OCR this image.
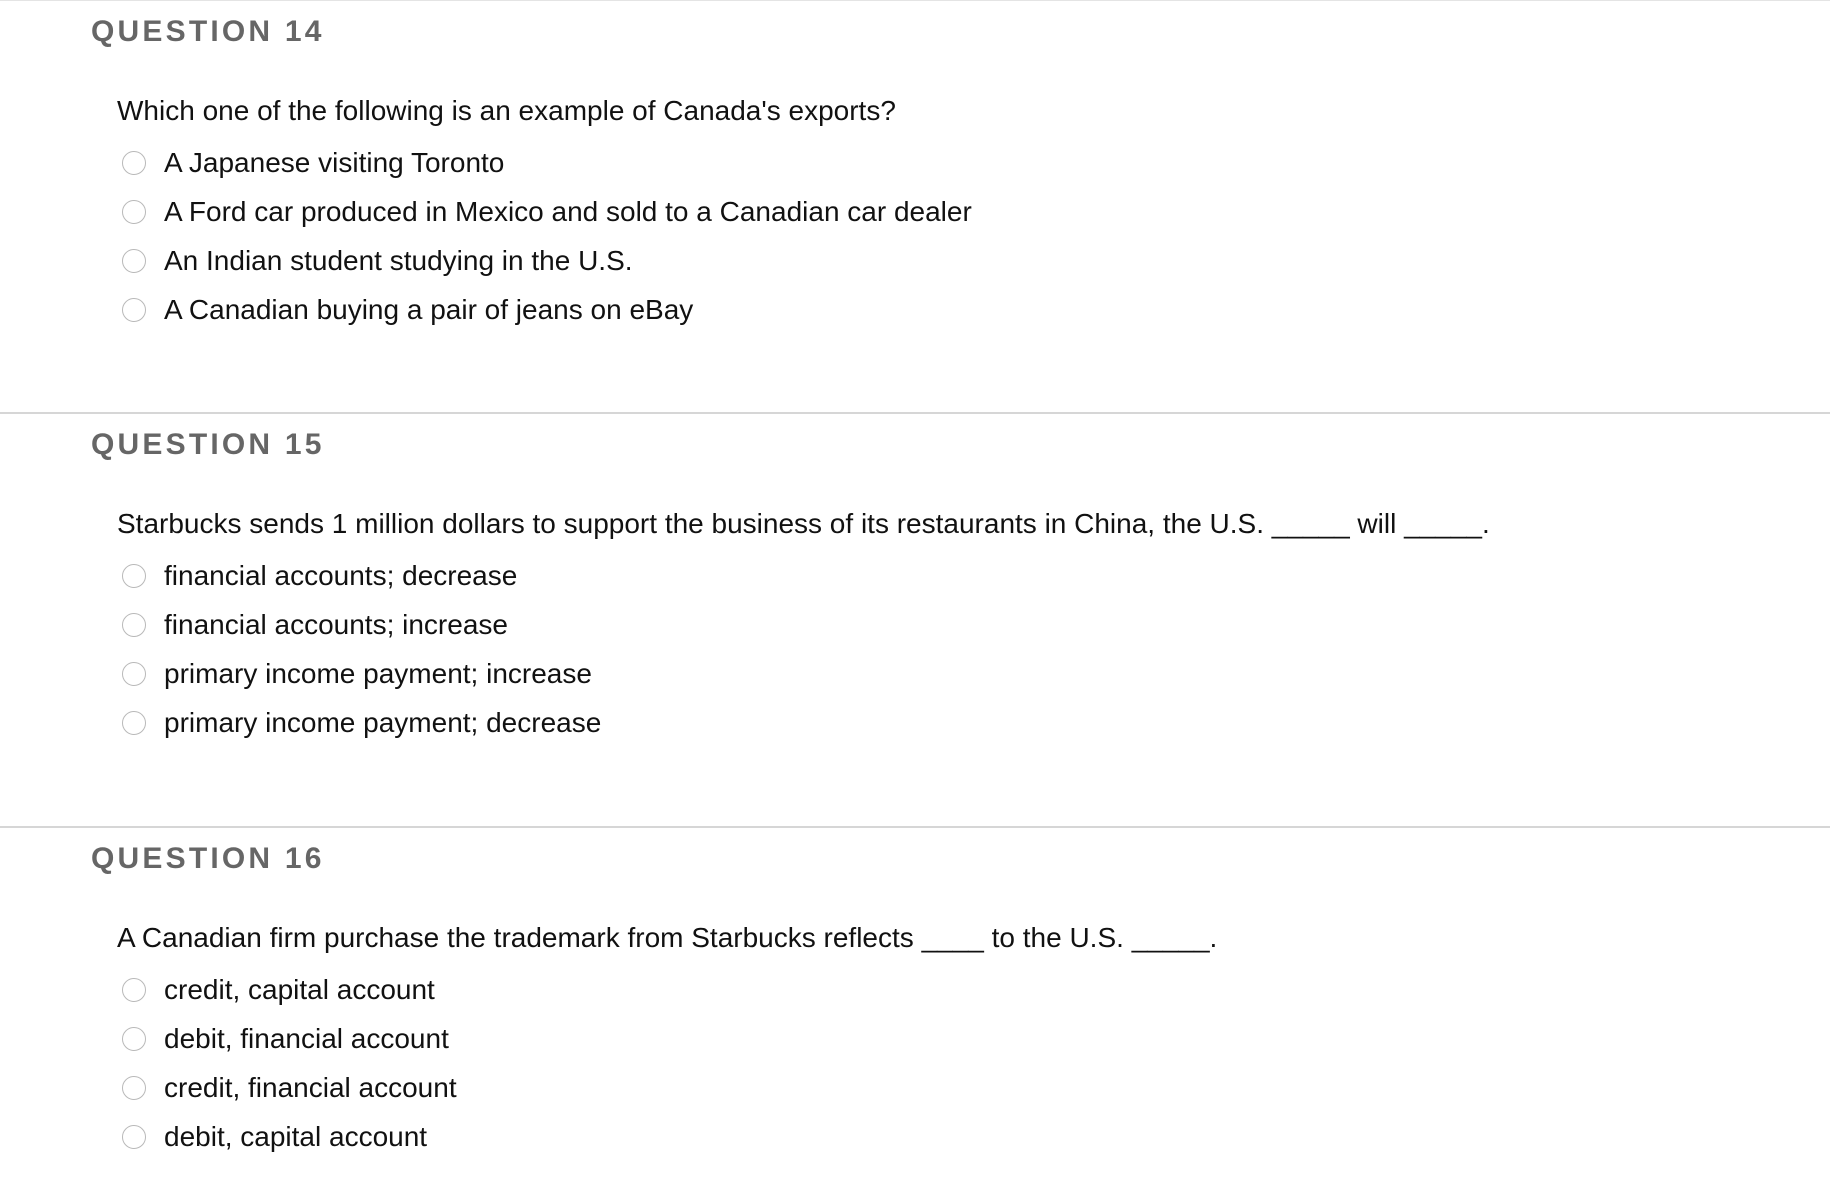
QUESTION 14

Which one of the following is an example of Canada's exports?

A Japanese visiting Toronto
A Ford car produced in Mexico and sold to a Canadian car dealer
An Indian student studying in the U.S.
A Canadian buying a pair of jeans on eBay
QUESTION 15

Starbucks sends 1 million dollars to support the business of its restaurants in China, the U.S. _____ will _____.

financial accounts; decrease
financial accounts; increase
primary income payment; increase
primary income payment; decrease
QUESTION 16

A Canadian firm purchase the trademark from Starbucks reflects ____ to the U.S. _____.

credit, capital account
debit, financial account
credit, financial account
debit, capital account
